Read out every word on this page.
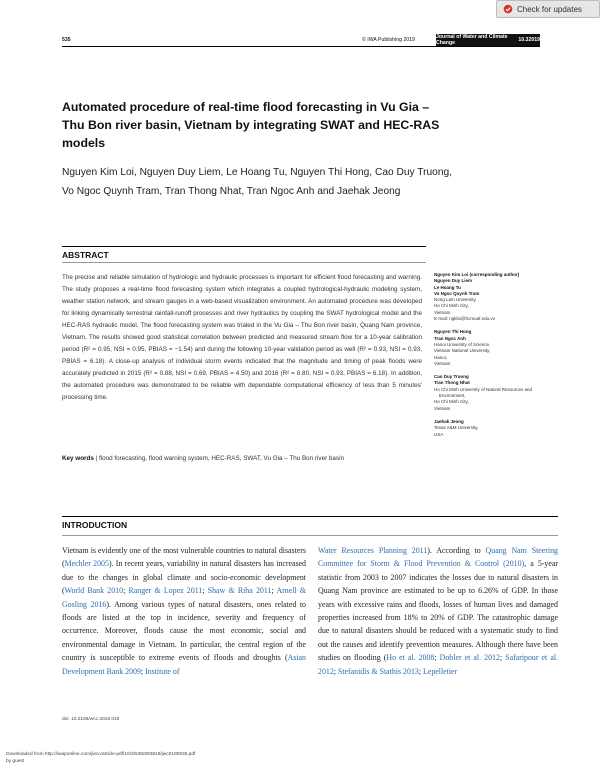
Check for updates
535	© IWA Publishing 2019	Journal of Water and Climate Change	10.3 2019
Automated procedure of real-time flood forecasting in Vu Gia – Thu Bon river basin, Vietnam by integrating SWAT and HEC-RAS models
Nguyen Kim Loi, Nguyen Duy Liem, Le Hoang Tu, Nguyen Thi Hong, Cao Duy Truong, Vo Ngoc Quynh Tram, Tran Thong Nhat, Tran Ngoc Anh and Jaehak Jeong
ABSTRACT
The precise and reliable simulation of hydrologic and hydraulic processes is important for efficient flood forecasting and warning. The study proposes a real-time flood forecasting system which integrates a coupled hydrological-hydraulic modeling system, weather station network, and stream gauges in a web-based visualization environment. An automated procedure was developed for linking dynamically terrestrial rainfall-runoff processes and river hydraulics by coupling the SWAT hydrological model and the HEC-RAS hydraulic model. The flood forecasting system was trialed in the Vu Gia – Thu Bon river basin, Quang Nam province, Vietnam. The results showed good statistical correlation between predicted and measured stream flow for a 10-year calibration period (R² = 0.95, NSI = 0.95, PBIAS = −1.54) and during the following 10-year validation period as well (R² = 0.93, NSI = 0.93, PBIAS = 6.18). A close-up analysis of individual storm events indicated that the magnitude and timing of peak floods were accurately predicted in 2015 (R² = 0.88, NSI = 0.69, PBIAS = 4.50) and 2016 (R² = 0.80, NSI = 0.93, PBIAS = 6.18). In addition, the automated procedure was demonstrated to be reliable with dependable computational efficiency of less than 5 minutes' processing time.
Key words | flood forecasting, flood warning system, HEC-RAS, SWAT, Vu Gia – Thu Bon river basin
Nguyen Kim Loi (corresponding author)
Nguyen Duy Liem
Le Hoang Tu
Vo Ngoc Quynh Tram
Nong Lam University,
Ho Chi Minh City,
Vietnam
E-mail: ngkloi@hcmuaf.edu.vn
Nguyen Thi Hong
Tran Ngoc Anh
Hanoi University of Science,
Vietnam National University,
Hanoi,
Vietnam
Cao Duy Truong
Tran Thong Nhat
Ho Chi Minh University of Natural Resources and
Environment,
Ho Chi Minh City,
Vietnam
Jaehak Jeong
Texas A&M University,
USA
INTRODUCTION
Vietnam is evidently one of the most vulnerable countries to natural disasters (Mechler 2005). In recent years, variability in natural disasters has increased due to the changes in global climate and socio-economic development (World Bank 2010; Ranger & Lopez 2011; Shaw & Riha 2011; Arnell & Gosling 2016). Among various types of natural disasters, ones related to floods are listed at the top in incidence, severity and frequency of occurrence. Moreover, floods cause the most economic, social and environmental damage in Vietnam. In particular, the central region of the country is susceptible to extreme events of floods and droughts (Asian Development Bank 2009; Institute of
Water Resources Planning 2011). According to Quang Nam Steering Committee for Storm & Flood Prevention & Control (2010), a 5-year statistic from 2003 to 2007 indicates the losses due to natural disasters in Quang Nam province are estimated to be up to 6.26% of GDP. In those years with excessive rains and floods, losses of human lives and damaged properties increased from 18% to 20% of GDP. The catastrophic damage due to natural disasters should be reduced with a systematic study to find out the causes and identify prevention measures. Although there have been studies on flooding (Ho et al. 2008; Dobler et al. 2012; Safaripour et al. 2012; Stefanidis & Stathis 2013; Lepelletier
doi: 10.2166/wcc.2018.015
Downloaded from http://iwaponline.com/jwcc/article-pdf/10/3/535/593818/jwc0100535.pdf
by guest
